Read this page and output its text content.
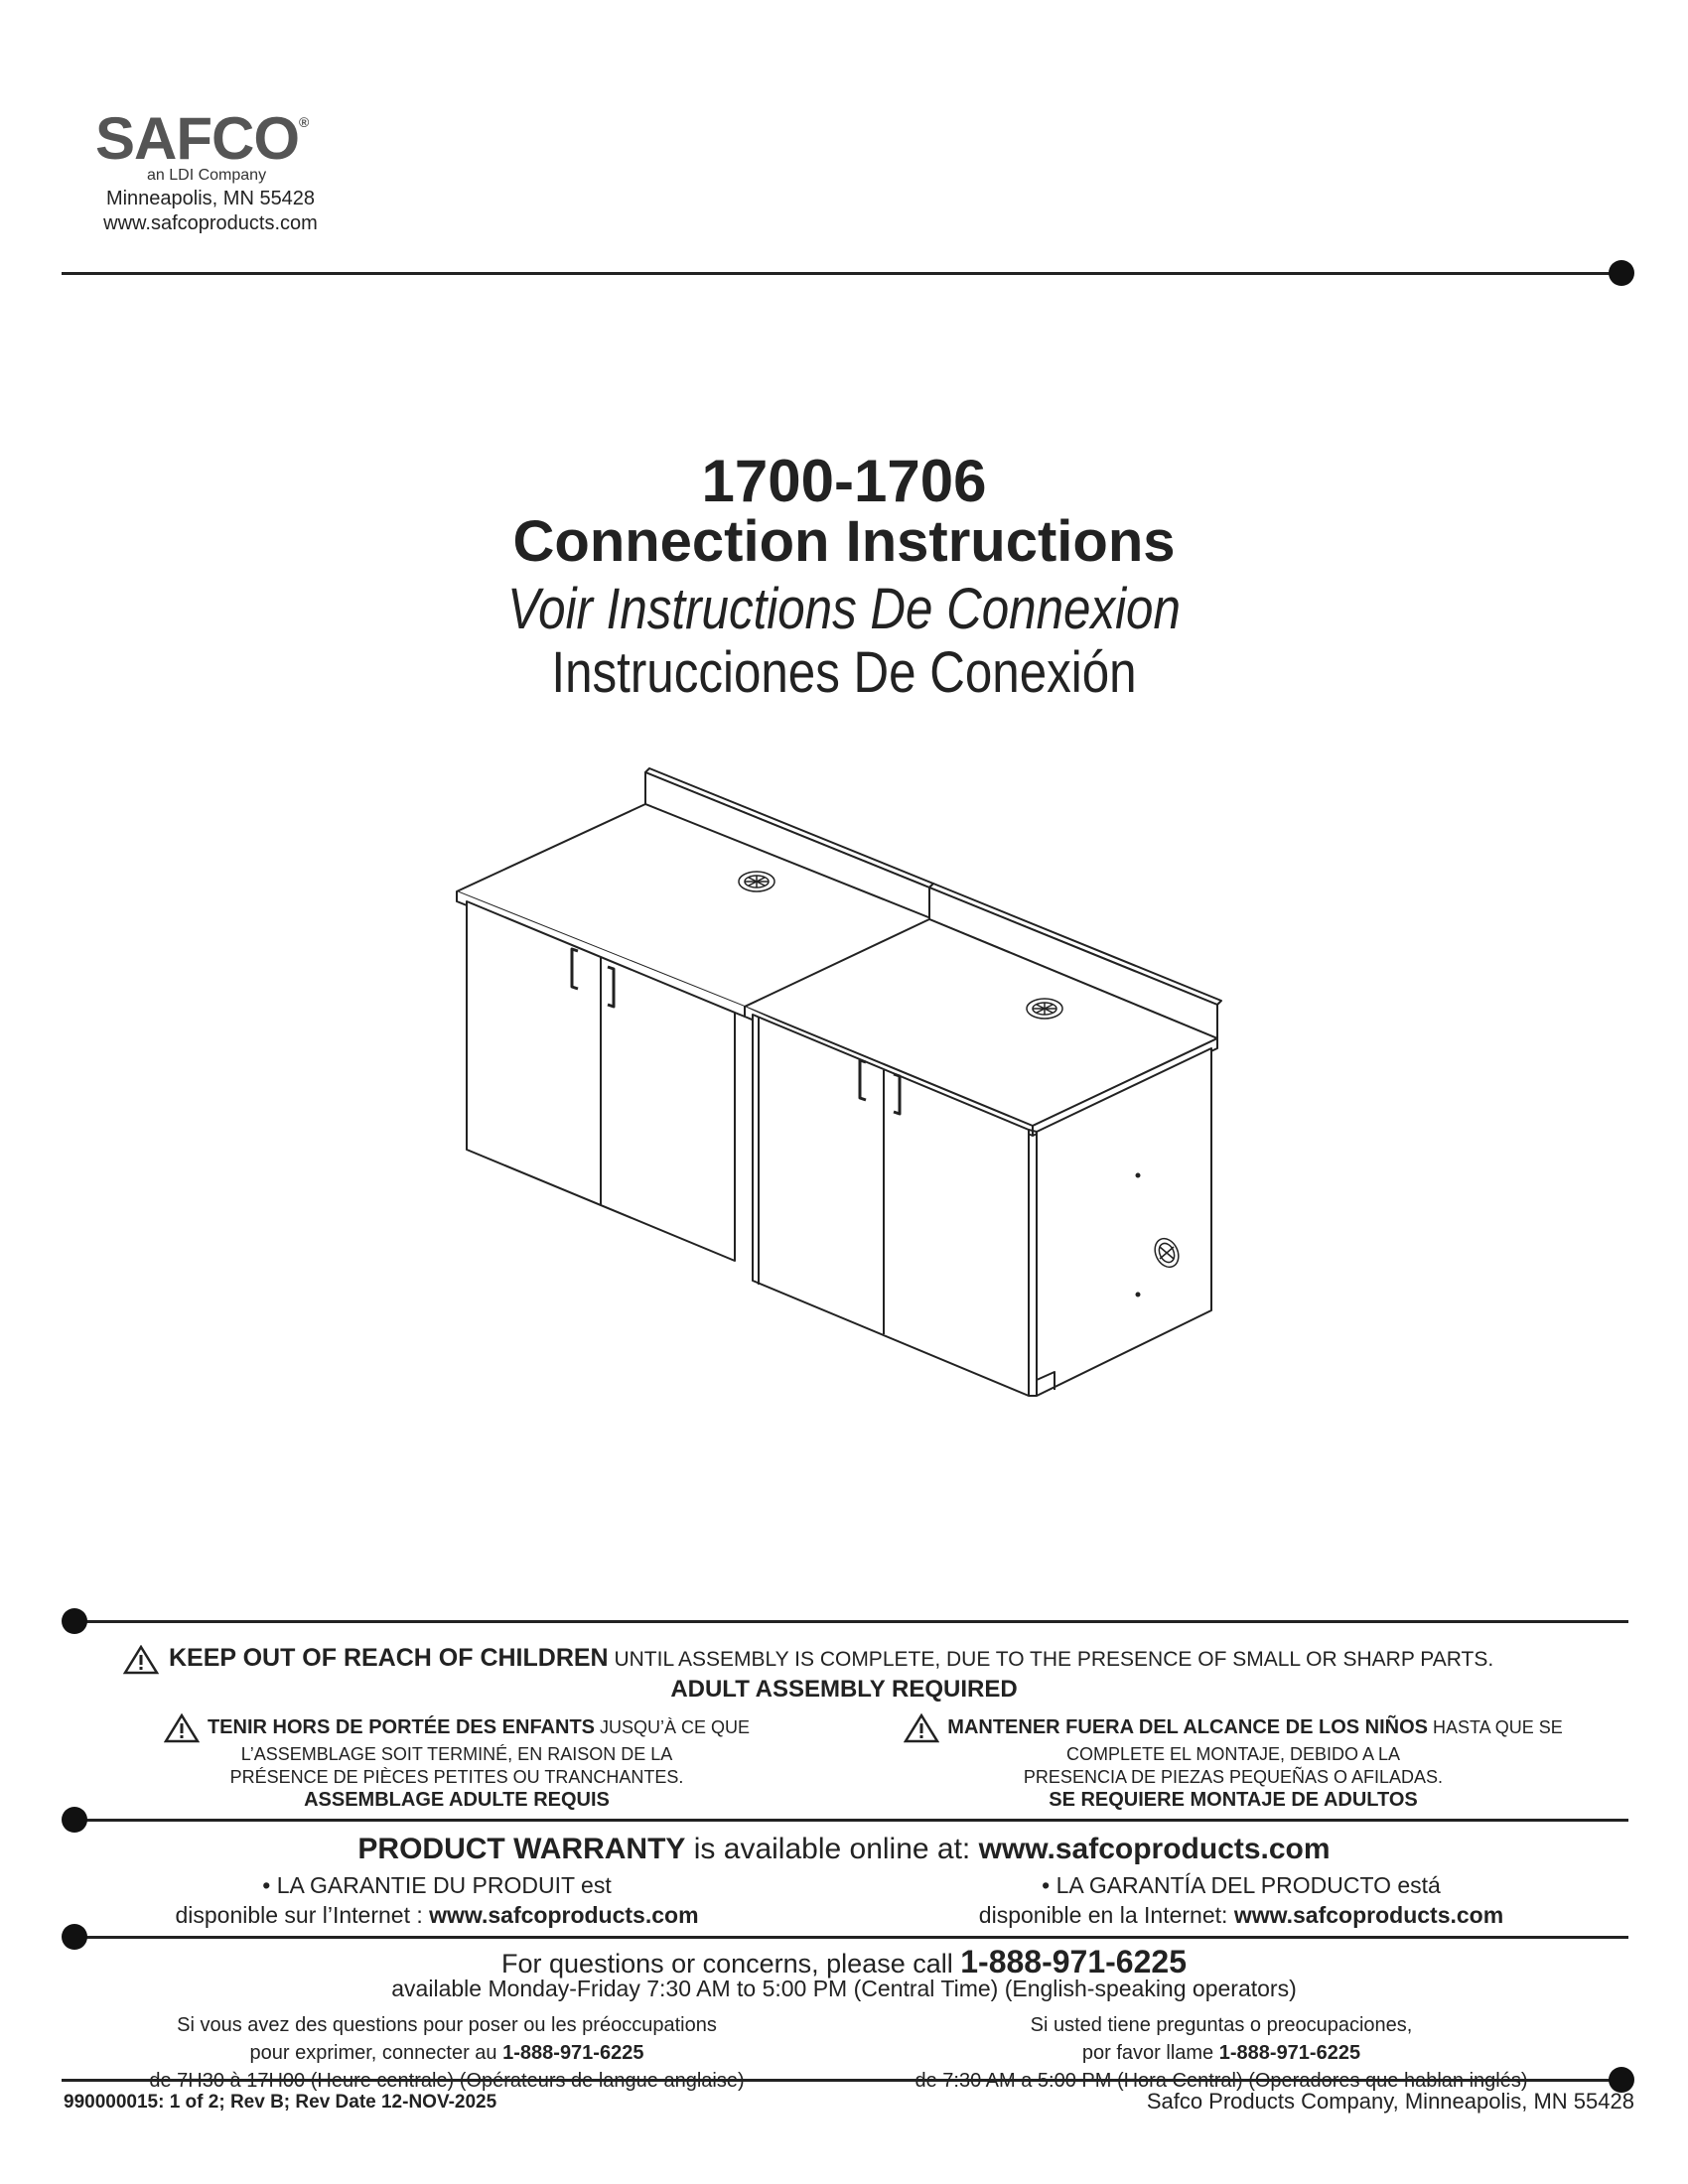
SAFCO®
an LDI Company
Minneapolis, MN 55428
www.safcoproducts.com
1700-1706
Connection Instructions
Voir Instructions De Connexion
Instrucciones De Conexión
KEEP OUT OF REACH OF CHILDREN UNTIL ASSEMBLY IS COMPLETE, DUE TO THE PRESENCE OF SMALL OR SHARP PARTS.
ADULT ASSEMBLY REQUIRED
TENIR HORS DE PORTÉE DES ENFANTS JUSQU’À CE QUE
L’ASSEMBLAGE SOIT TERMINÉ, EN RAISON DE LA
PRÉSENCE DE PIÈCES PETITES OU TRANCHANTES.
ASSEMBLAGE ADULTE REQUIS
MANTENER FUERA DEL ALCANCE DE LOS NIÑOS HASTA QUE SE
COMPLETE EL MONTAJE, DEBIDO A LA
PRESENCIA DE PIEZAS PEQUEÑAS O AFILADAS.
SE REQUIERE MONTAJE DE ADULTOS
PRODUCT WARRANTY is available online at: www.safcoproducts.com
• LA GARANTIE DU PRODUIT est
disponible sur l’Internet : www.safcoproducts.com
• LA GARANTÍA DEL PRODUCTO está
disponible en la Internet: www.safcoproducts.com
For questions or concerns, please call 1-888-971-6225
available Monday-Friday 7:30 AM to 5:00 PM (Central Time) (English-speaking operators)
Si vous avez des questions pour poser ou les préoccupations
pour exprimer, connecter au 1-888-971-6225
Si usted tiene preguntas o preocupaciones,
por favor llame 1-888-971-6225
990000015: 1 of 2; Rev B; Rev Date 12-NOV-2025	Safco Products Company, Minneapolis, MN 55428
